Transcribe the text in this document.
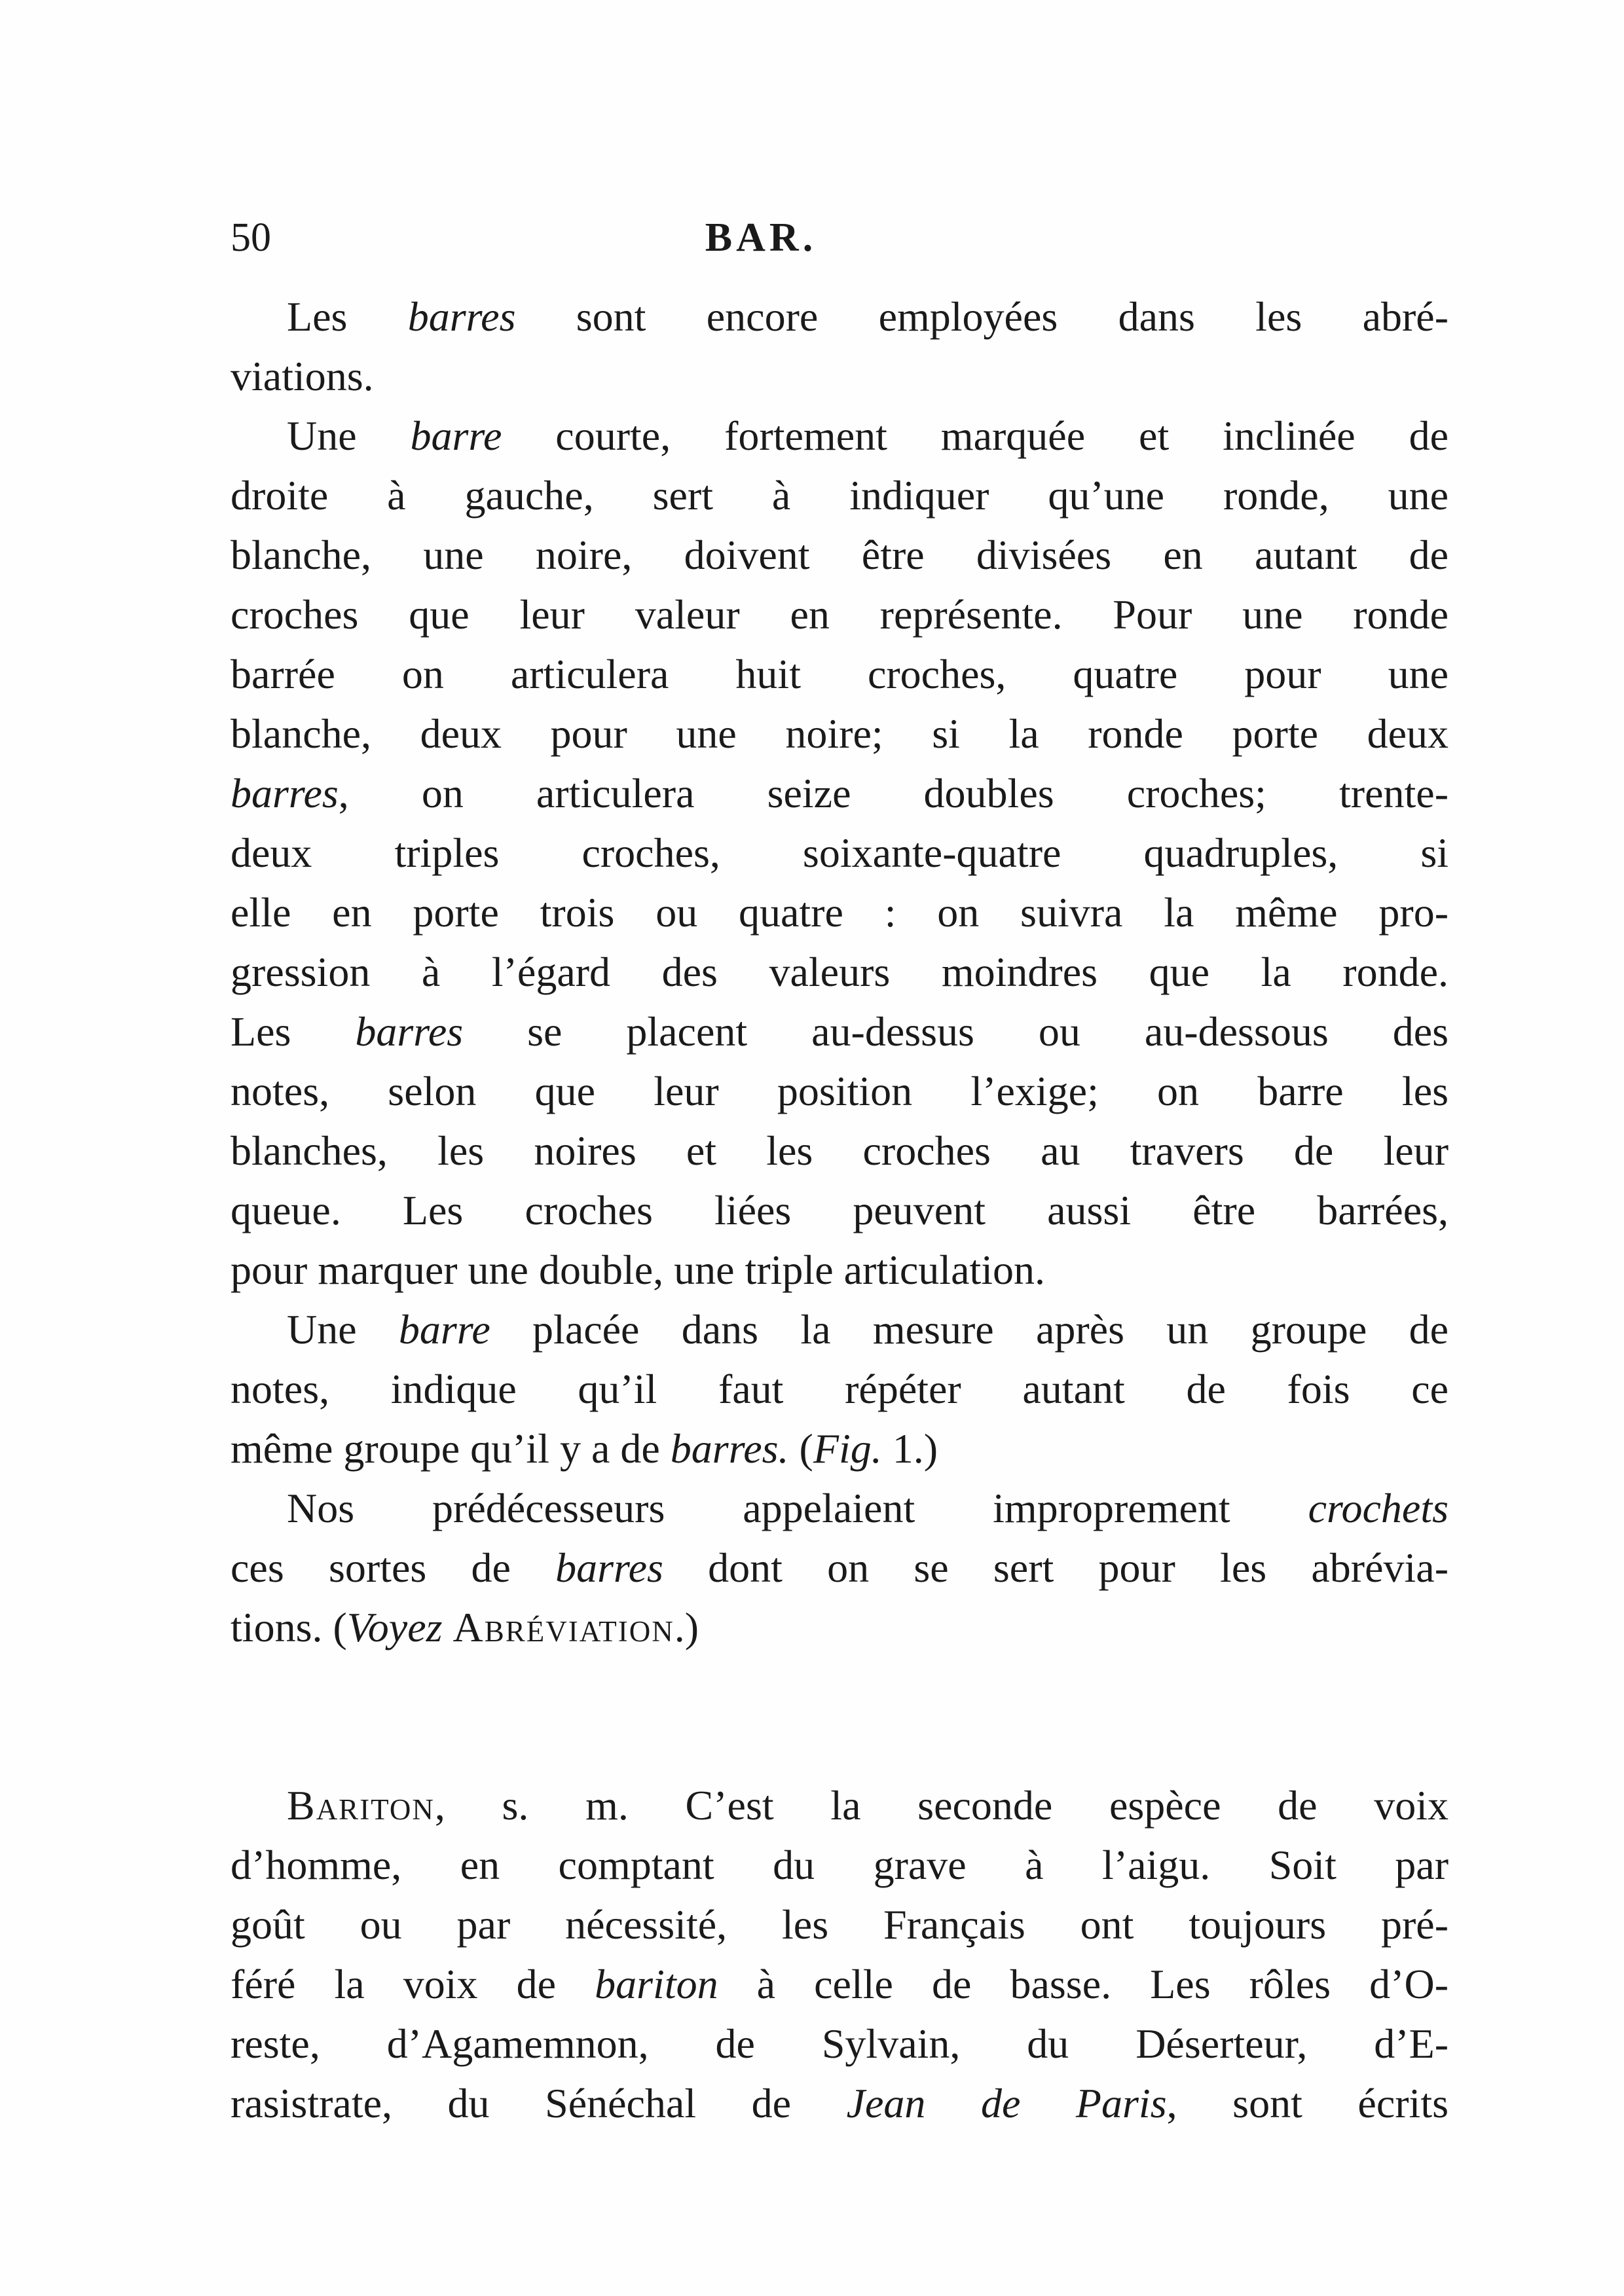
50	BAR.
Les barres sont encore employées dans les abré-
viations.
Une barre courte, fortement marquée et inclinée de
droite à gauche, sert à indiquer qu’une ronde, une
blanche, une noire, doivent être divisées en autant de
croches que leur valeur en représente. Pour une ronde
barrée on articulera huit croches, quatre pour une
blanche, deux pour une noire; si la ronde porte deux
barres, on articulera seize doubles croches; trente-
deux triples croches, soixante-quatre quadruples, si
elle en porte trois ou quatre : on suivra la même pro-
gression à l’égard des valeurs moindres que la ronde.
Les barres se placent au-dessus ou au-dessous des
notes, selon que leur position l’exige; on barre les
blanches, les noires et les croches au travers de leur
queue. Les croches liées peuvent aussi être barrées,
pour marquer une double, une triple articulation.
Une barre placée dans la mesure après un groupe de
notes, indique qu’il faut répéter autant de fois ce
même groupe qu’il y a de barres. (Fig. 1.)
Nos prédécesseurs appelaient improprement crochets
ces sortes de barres dont on se sert pour les abrévia-
tions. (Voyez Abréviation.)
Bariton, s. m. C’est la seconde espèce de voix
d’homme, en comptant du grave à l’aigu. Soit par
goût ou par nécessité, les Français ont toujours pré-
féré la voix de bariton à celle de basse. Les rôles d’O-
reste, d’Agamemnon, de Sylvain, du Déserteur, d’E-
rasistrate, du Sénéchal de Jean de Paris, sont écrits
